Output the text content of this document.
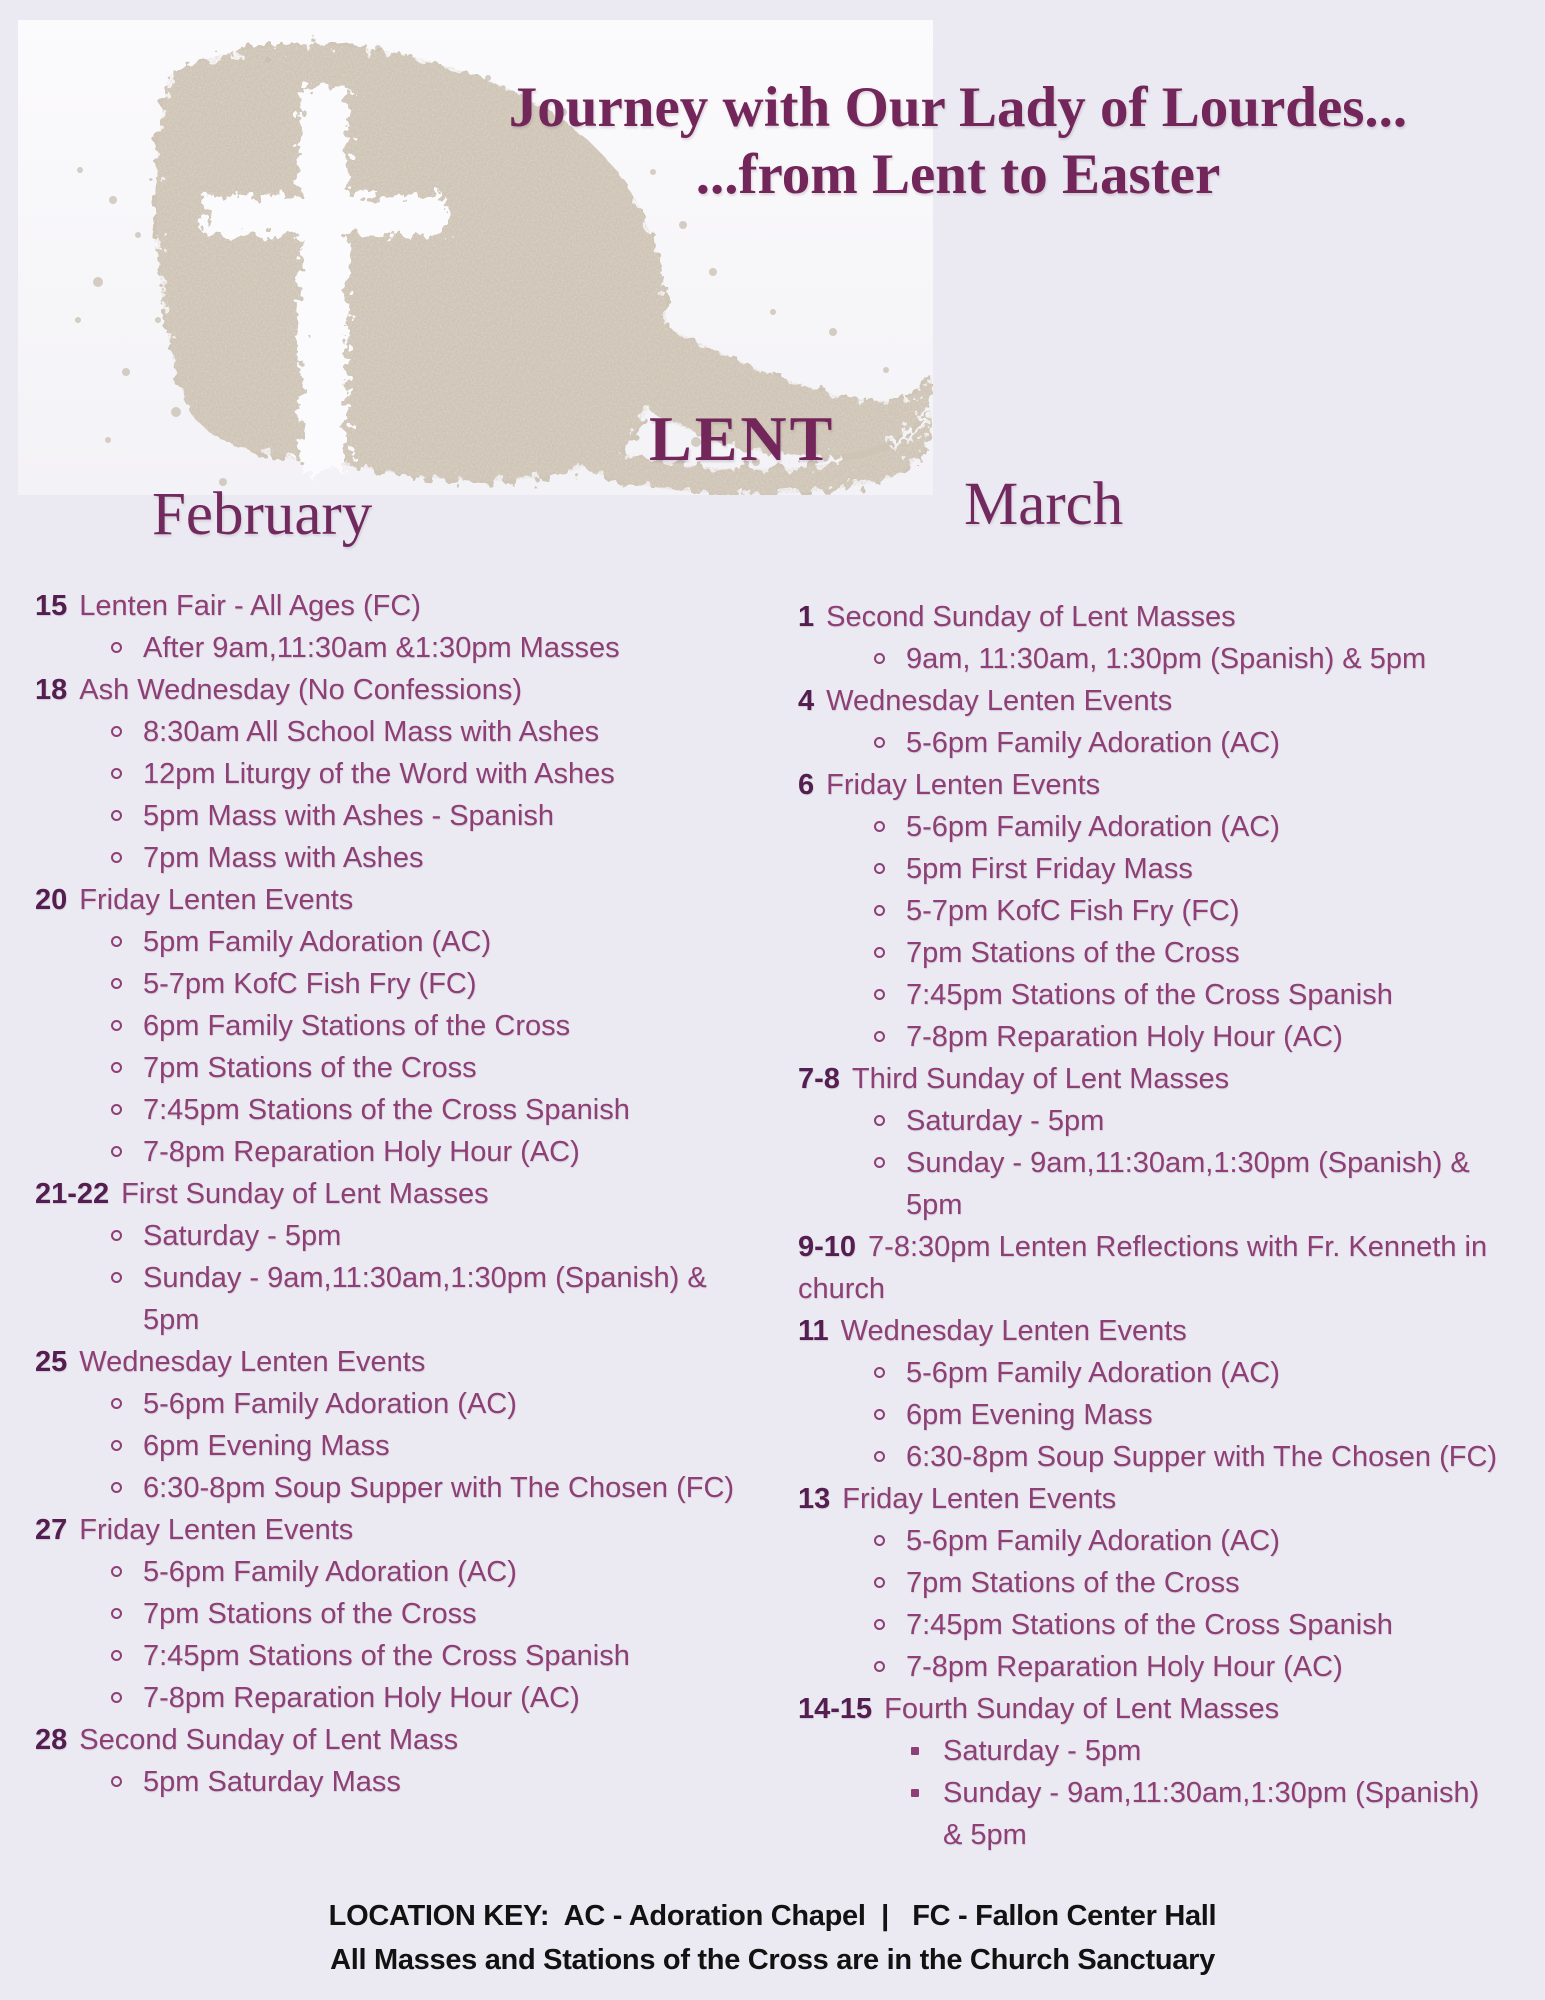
Journey with Our Lady of Lourdes...
...from Lent to Easter
LENT
February	March
15 Lenten Fair - All Ages (FC)
After 9am,11:30am &1:30pm Masses
18 Ash Wednesday (No Confessions)
8:30am All School Mass with Ashes
12pm Liturgy of the Word with Ashes
5pm Mass with Ashes - Spanish
7pm Mass with Ashes
20 Friday Lenten Events
5pm Family Adoration (AC)
5-7pm KofC Fish Fry (FC)
6pm Family Stations of the Cross
7pm Stations of the Cross
7:45pm Stations of the Cross Spanish
7-8pm Reparation Holy Hour (AC)
21-22 First Sunday of Lent Masses
Saturday - 5pm
Sunday - 9am,11:30am,1:30pm (Spanish) &
5pm
25 Wednesday Lenten Events
5-6pm Family Adoration (AC)
6pm Evening Mass
6:30-8pm Soup Supper with The Chosen (FC)
27 Friday Lenten Events
5-6pm Family Adoration (AC)
7pm Stations of the Cross
7:45pm Stations of the Cross Spanish
7-8pm Reparation Holy Hour (AC)
28 Second Sunday of Lent Mass
5pm Saturday Mass
1 Second Sunday of Lent Masses
9am, 11:30am, 1:30pm (Spanish) & 5pm
4 Wednesday Lenten Events
5-6pm Family Adoration (AC)
6 Friday Lenten Events
5-6pm Family Adoration (AC)
5pm First Friday Mass
5-7pm KofC Fish Fry (FC)
7pm Stations of the Cross
7:45pm Stations of the Cross Spanish
7-8pm Reparation Holy Hour (AC)
7-8 Third Sunday of Lent Masses
Saturday - 5pm
Sunday - 9am,11:30am,1:30pm (Spanish) &
5pm
9-10 7-8:30pm Lenten Reflections with Fr. Kenneth in
church
11 Wednesday Lenten Events
5-6pm Family Adoration (AC)
6pm Evening Mass
6:30-8pm Soup Supper with The Chosen (FC)
13 Friday Lenten Events
5-6pm Family Adoration (AC)
7pm Stations of the Cross
7:45pm Stations of the Cross Spanish
7-8pm Reparation Holy Hour (AC)
14-15 Fourth Sunday of Lent Masses
Saturday - 5pm
Sunday - 9am,11:30am,1:30pm (Spanish)
& 5pm
LOCATION KEY:  AC - Adoration Chapel  |   FC - Fallon Center Hall
All Masses and Stations of the Cross are in the Church Sanctuary
